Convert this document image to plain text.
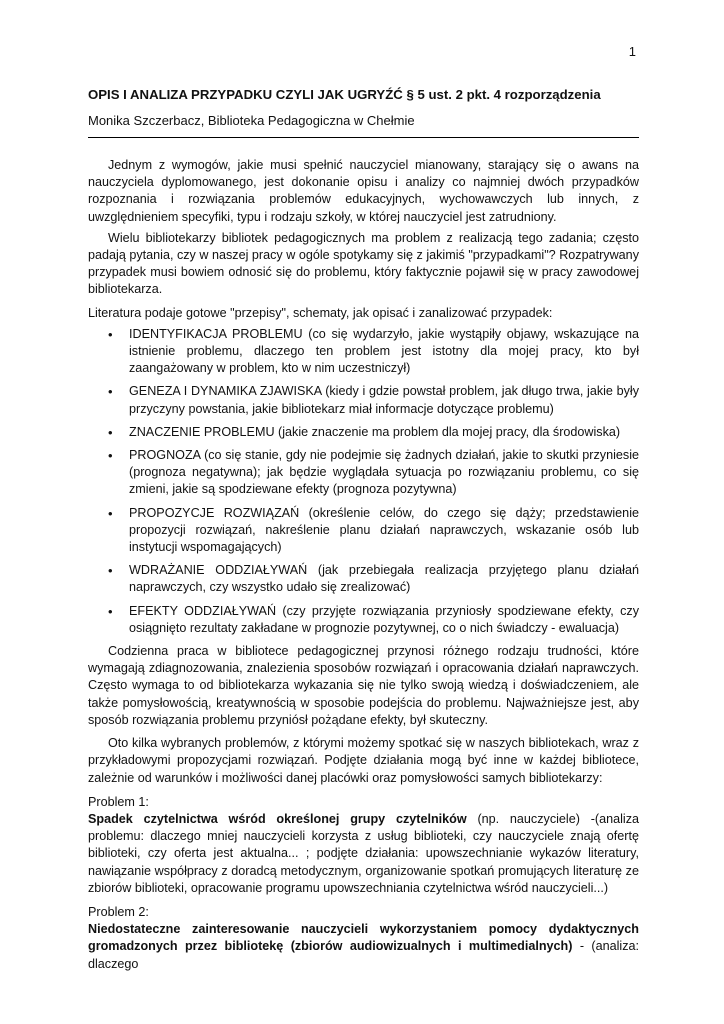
1

OPIS I ANALIZA PRZYPADKU CZYLI JAK UGRYŹĆ § 5 ust. 2 pkt. 4 rozporządzenia

Monika Szczerbacz, Biblioteka Pedagogiczna w Chełmie

Jednym z wymogów, jakie musi spełnić nauczyciel mianowany, starający się o awans na nauczyciela dyplomowanego, jest dokonanie opisu i analizy co najmniej dwóch przypadków rozpoznania i rozwiązania problemów edukacyjnych, wychowawczych lub innych, z uwzględnieniem specyfiki, typu i rodzaju szkoły, w której nauczyciel jest zatrudniony.

Wielu bibliotekarzy bibliotek pedagogicznych ma problem z realizacją tego zadania; często padają pytania, czy w naszej pracy w ogóle spotykamy się z jakimiś "przypadkami"? Rozpatrywany przypadek musi bowiem odnosić się do problemu, który faktycznie pojawił się w pracy zawodowej bibliotekarza.

Literatura podaje gotowe "przepisy", schematy, jak opisać i zanalizować przypadek:

• IDENTYFIKACJA PROBLEMU (co się wydarzyło, jakie wystąpiły objawy, wskazujące na istnienie problemu, dlaczego ten problem jest istotny dla mojej pracy, kto był zaangażowany w problem, kto w nim uczestniczył)
• GENEZA I DYNAMIKA ZJAWISKA (kiedy i gdzie powstał problem, jak długo trwa, jakie były przyczyny powstania, jakie bibliotekarz miał informacje dotyczące problemu)
• ZNACZENIE PROBLEMU (jakie znaczenie ma problem dla mojej pracy, dla środowiska)
• PROGNOZA (co się stanie, gdy nie podejmie się żadnych działań, jakie to skutki przyniesie (prognoza negatywna); jak będzie wyglądała sytuacja po rozwiązaniu problemu, co się zmieni, jakie są spodziewane efekty (prognoza pozytywna)
• PROPOZYCJE ROZWIĄZAŃ (określenie celów, do czego się dąży; przedstawienie propozycji rozwiązań, nakreślenie planu działań naprawczych, wskazanie osób lub instytucji wspomagających)
• WDRAŻANIE ODDZIAŁYWAŃ (jak przebiegała realizacja przyjętego planu działań naprawczych, czy wszystko udało się zrealizować)
• EFEKTY ODDZIAŁYWAŃ (czy przyjęte rozwiązania przyniosły spodziewane efekty, czy osiągnięto rezultaty zakładane w prognozie pozytywnej, co o nich świadczy - ewaluacja)

Codzienna praca w bibliotece pedagogicznej przynosi różnego rodzaju trudności, które wymagają zdiagnozowania, znalezienia sposobów rozwiązań i opracowania działań naprawczych. Często wymaga to od bibliotekarza wykazania się nie tylko swoją wiedzą i doświadczeniem, ale także pomysłowością, kreatywnością w sposobie podejścia do problemu. Najważniejsze jest, aby sposób rozwiązania problemu przyniósł pożądane efekty, był skuteczny.

Oto kilka wybranych problemów, z którymi możemy spotkać się w naszych bibliotekach, wraz z przykładowymi propozycjami rozwiązań. Podjęte działania mogą być inne w każdej bibliotece, zależnie od warunków i możliwości danej placówki oraz pomysłowości samych bibliotekarzy:

Problem 1:
Spadek czytelnictwa wśród określonej grupy czytelników (np. nauczyciele) -(analiza problemu: dlaczego mniej nauczycieli korzysta z usług biblioteki, czy nauczyciele znają ofertę biblioteki, czy oferta jest aktualna... ; podjęte działania: upowszechnianie wykazów literatury, nawiązanie współpracy z doradcą metodycznym, organizowanie spotkań promujących literaturę ze zbiorów biblioteki, opracowanie programu upowszechniania czytelnictwa wśród nauczycieli...)
Problem 2:
Niedostateczne zainteresowanie nauczycieli wykorzystaniem pomocy dydaktycznych gromadzonych przez bibliotekę (zbiorów audiowizualnych i multimedialnych) - (analiza: dlaczego
